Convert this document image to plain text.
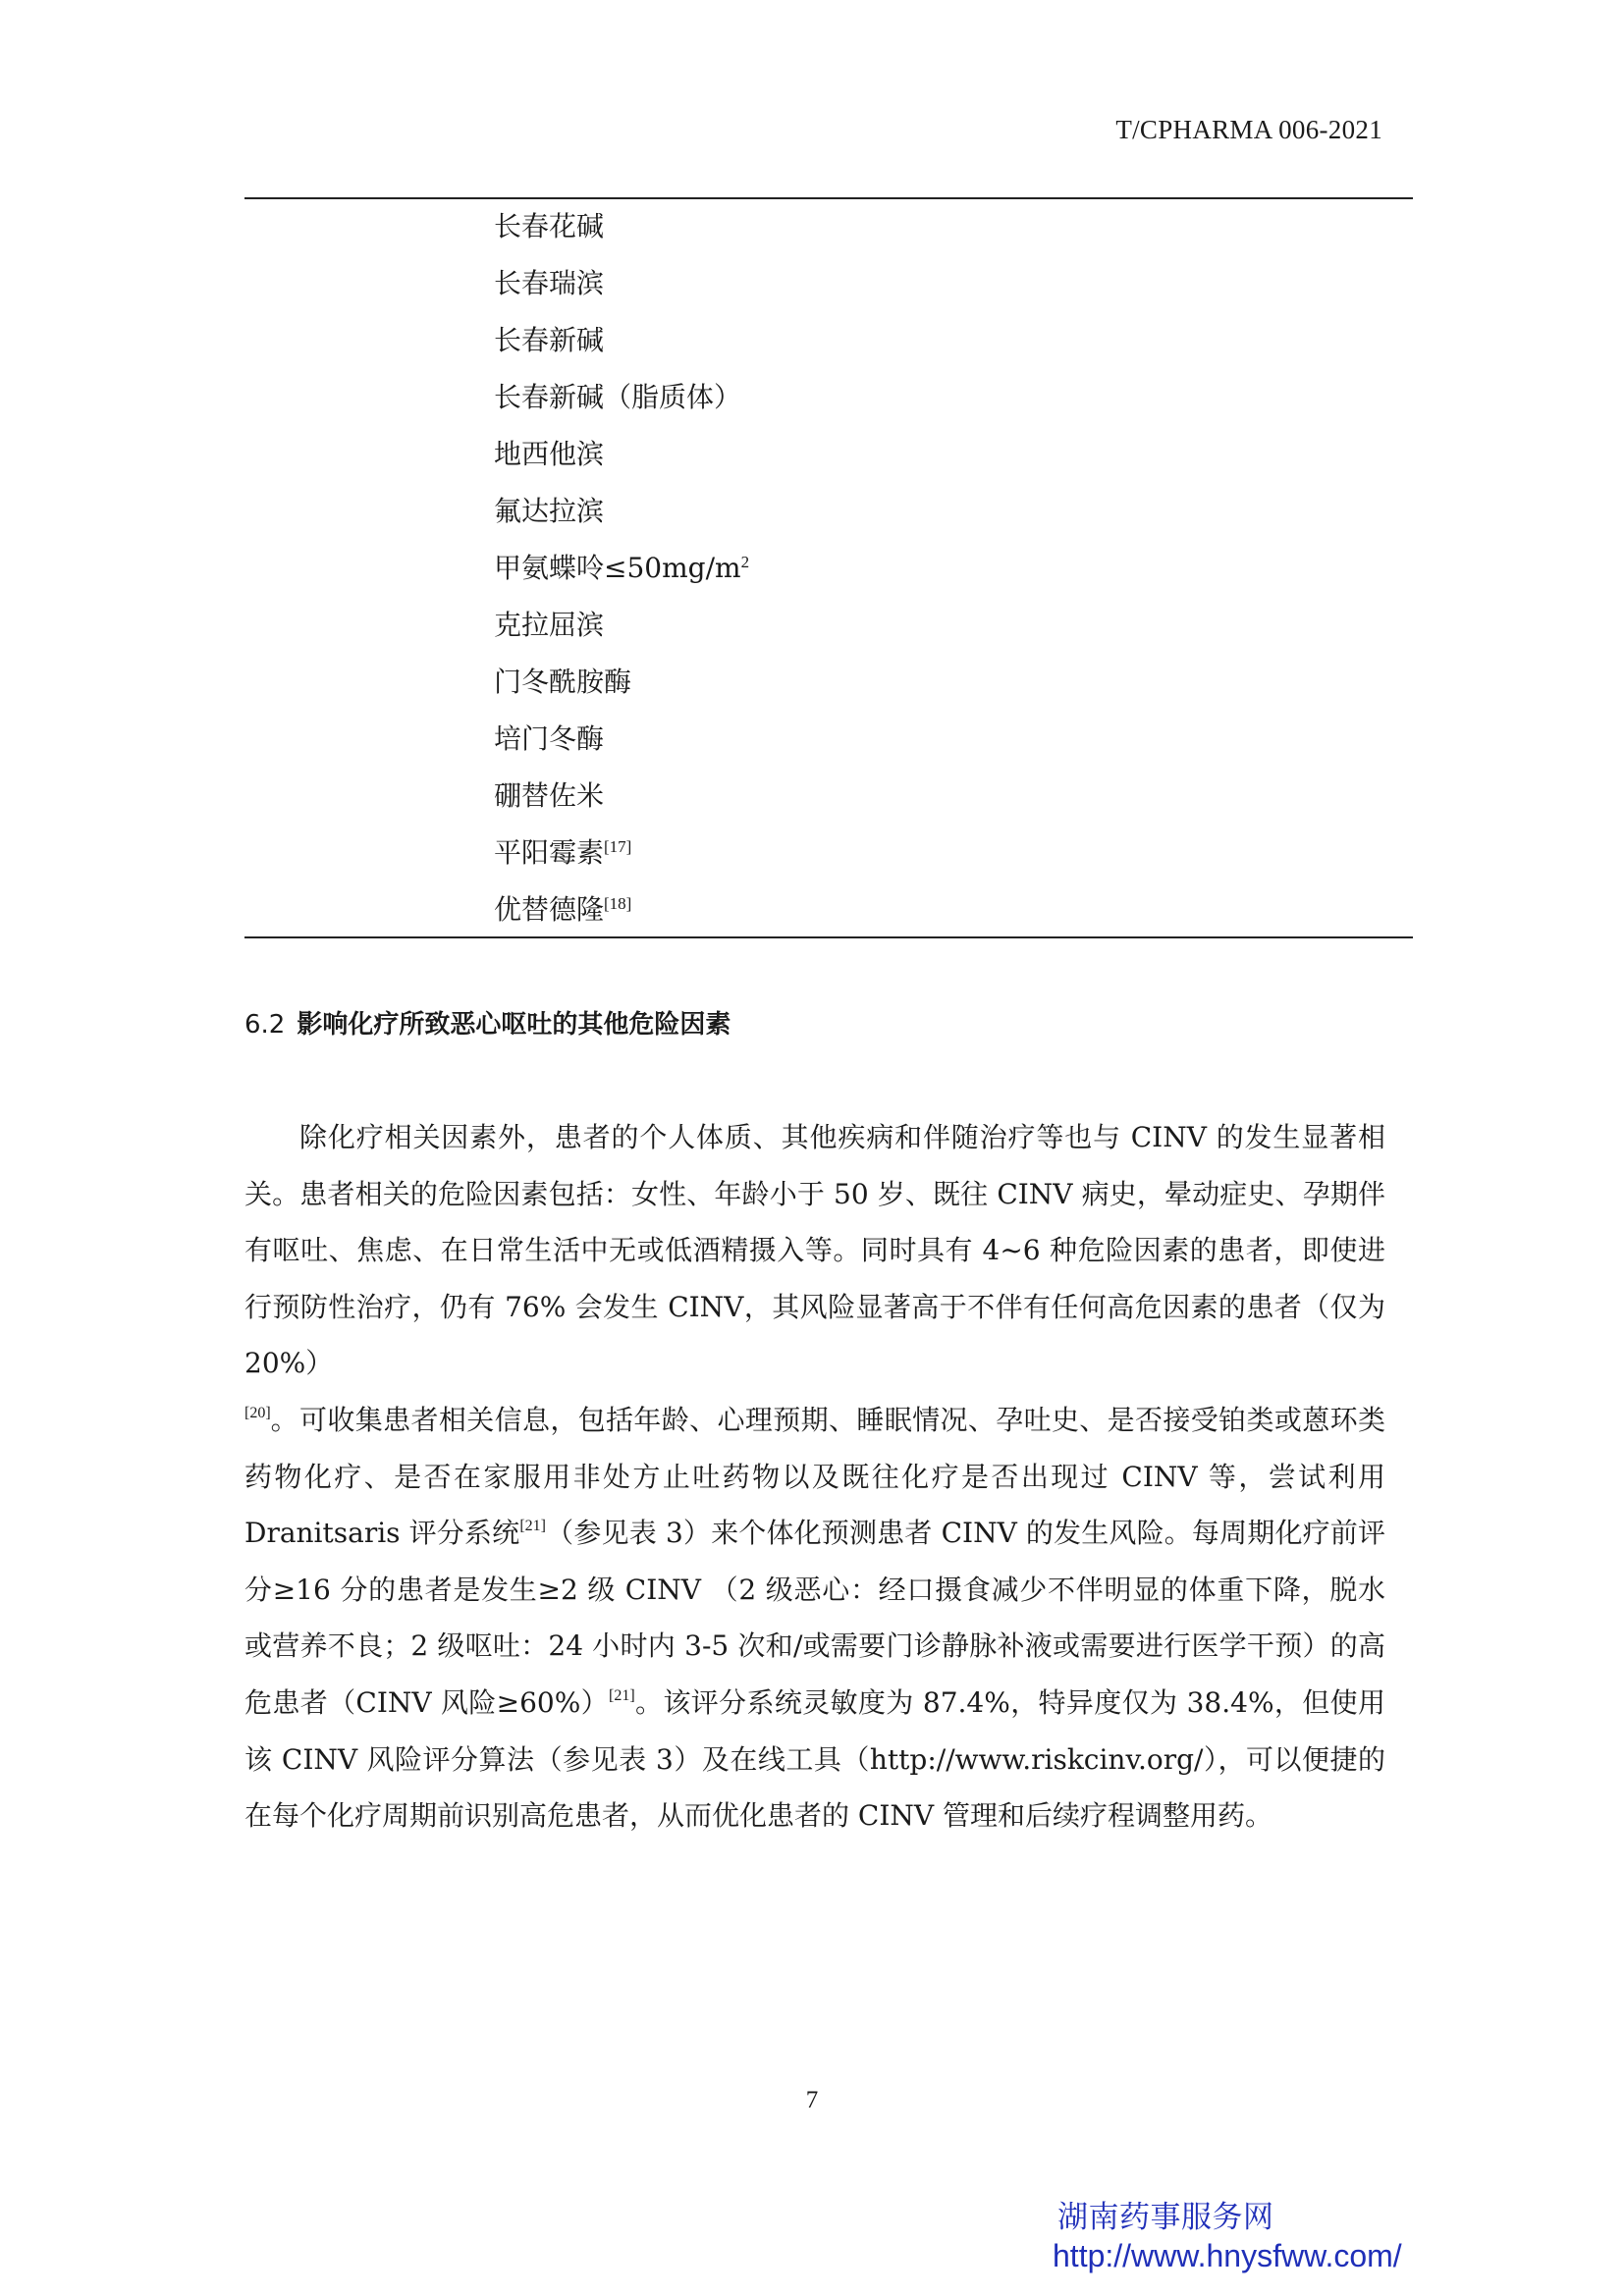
T/CPHARMA 006-2021
长春花碱
长春瑞滨
长春新碱
长春新碱（脂质体）
地西他滨
氟达拉滨
甲氨蝶呤$\le 50mg/m^2$
克拉屈滨
门冬酰胺酶
培门冬酶
硼替佐米
平阳霉素[17]
优替德隆[18]
6.2 影响化疗所致恶心呕吐的其他危险因素

除化疗相关因素外，患者的个人体质、其他疾病和伴随治疗等也与 CINV 的发生显著相关。患者相关的危险因素包括：女性、年龄小于 50 岁、既往 CINV 病史，晕动症史、孕期伴有呕吐、焦虑、在日常生活中无或低酒精摄入等。同时具有 4~6 种危险因素的患者，即使进行预防性治疗，仍有 76% 会发生 CINV，其风险显著高于不伴有任何高危因素的患者（仅为 20%）
[20]。 可收集患者相关信息，包括年龄、心理预期、睡眠情况、孕吐史、是否接受铂类或蒽环类药物化疗、是否在家服用非处方止吐药物以及既往化疗是否出现过 CINV 等，尝试利用 Dranitsaris 评分系统[21]（参见表 3）来个体化预测患者 CINV 的发生风险。每周期化疗前评分≥16 分的患者是发生≥2 级 CINV （2 级恶心：经口摄食减少不伴明显的体重下降，脱水或营养不良；2 级呕吐：24 小时内 3-5 次和/或需要门诊静脉补液或需要进行医学干预）的高危患者（CINV 风险≥60%）[21]。该评分系统灵敏度为 87.4%，特异度仅为 38.4%，但使用该 CINV 风险评分算法（参见表 3）及在线工具（http://www.riskcinv.org/），可以便捷的在每个化疗周期前识别高危患者，从而优化患者的 CINV 管理和后续疗程调整用药。

7
湖南药事服务网
http://www.hnysfww.com/
